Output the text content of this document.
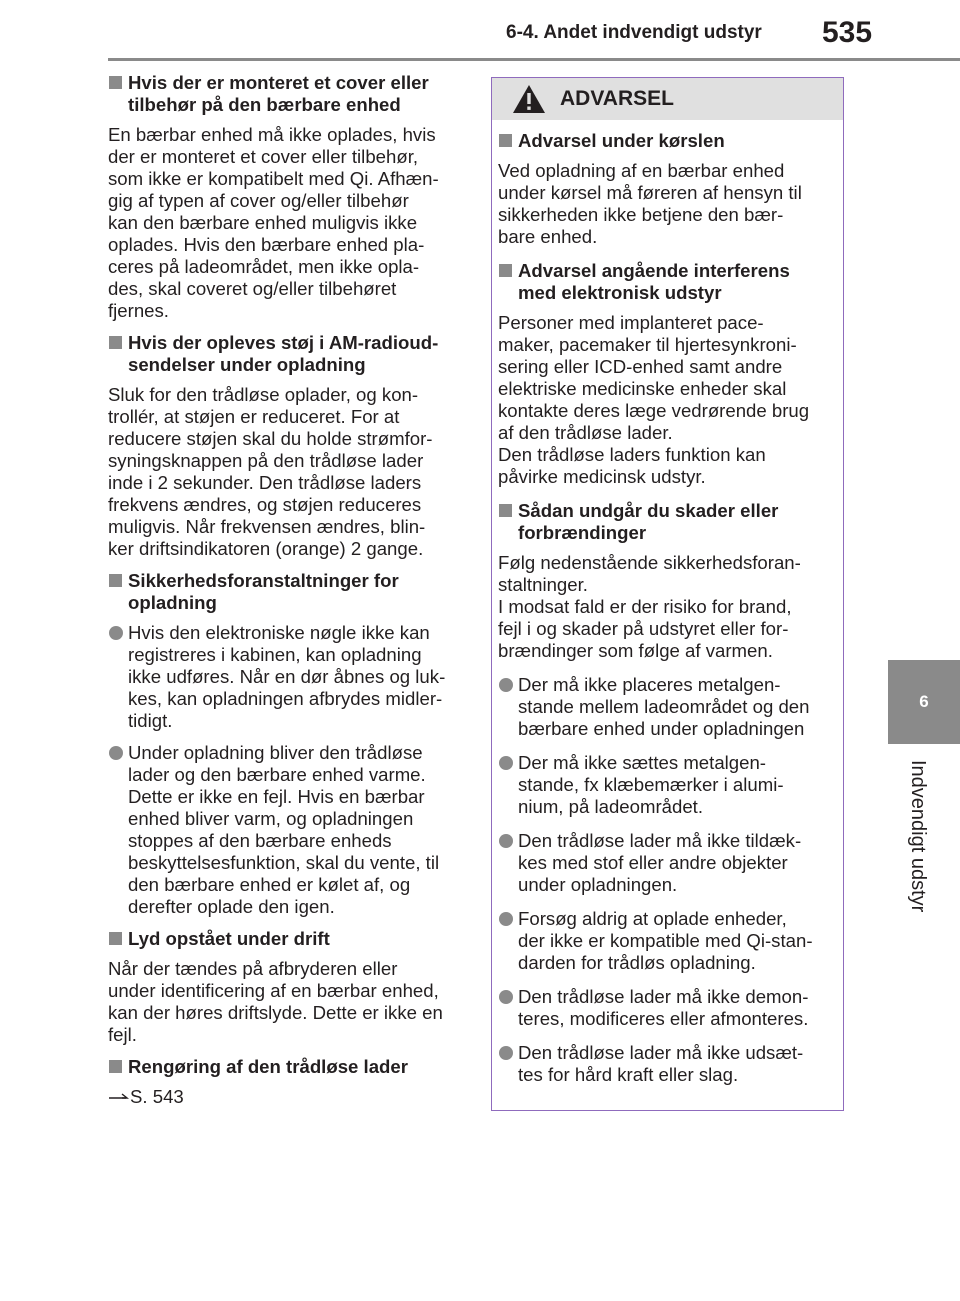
6-4. Andet indvendigt udstyr 535
6
Indvendigt udstyr
Hvis der er monteret et cover eller
tilbehør på den bærbare enhed
En bærbar enhed må ikke oplades, hvis
der er monteret et cover eller tilbehør,
som ikke er kompatibelt med Qi. Afhæn-
gig af typen af cover og/eller tilbehør
kan den bærbare enhed muligvis ikke
oplades. Hvis den bærbare enhed pla-
ceres på ladeområdet, men ikke opla-
des, skal coveret og/eller tilbehøret
fjernes.
Hvis der opleves støj i AM-radioud-
sendelser under opladning
Sluk for den trådløse oplader, og kon-
trollér, at støjen er reduceret. For at
reducere støjen skal du holde strømfor-
syningsknappen på den trådløse lader
inde i 2 sekunder. Den trådløse laders
frekvens ændres, og støjen reduceres
muligvis. Når frekvensen ændres, blin-
ker driftsindikatoren (orange) 2 gange.
Sikkerhedsforanstaltninger for
opladning
Hvis den elektroniske nøgle ikke kan
registreres i kabinen, kan opladning
ikke udføres. Når en dør åbnes og luk-
kes, kan opladningen afbrydes midler-
tidigt.
Under opladning bliver den trådløse
lader og den bærbare enhed varme.
Dette er ikke en fejl. Hvis en bærbar
enhed bliver varm, og opladningen
stoppes af den bærbare enheds
beskyttelsesfunktion, skal du vente, til
den bærbare enhed er kølet af, og
derefter oplade den igen.
Lyd opstået under drift
Når der tændes på afbryderen eller
under identificering af en bærbar enhed,
kan der høres driftslyde. Dette er ikke en
fejl.
Rengøring af den trådløse lader
S. 543
ADVARSEL
Advarsel under kørslen
Ved opladning af en bærbar enhed
under kørsel må føreren af hensyn til
sikkerheden ikke betjene den bær-
bare enhed.
Advarsel angående interferens
med elektronisk udstyr
Personer med implanteret pace-
maker, pacemaker til hjertesynkroni-
sering eller ICD-enhed samt andre
elektriske medicinske enheder skal
kontakte deres læge vedrørende brug
af den trådløse lader.
Den trådløse laders funktion kan
påvirke medicinsk udstyr.
Sådan undgår du skader eller
forbrændinger
Følg nedenstående sikkerhedsforan-
staltninger.
I modsat fald er der risiko for brand,
fejl i og skader på udstyret eller for-
brændinger som følge af varmen.
Der må ikke placeres metalgen-
stande mellem ladeområdet og den
bærbare enhed under opladningen
Der må ikke sættes metalgen-
stande, fx klæbemærker i alumi-
nium, på ladeområdet.
Den trådløse lader må ikke tildæk-
kes med stof eller andre objekter
under opladningen.
Forsøg aldrig at oplade enheder,
der ikke er kompatible med Qi-stan-
darden for trådløs opladning.
Den trådløse lader må ikke demon-
teres, modificeres eller afmonteres.
Den trådløse lader må ikke udsæt-
tes for hård kraft eller slag.
